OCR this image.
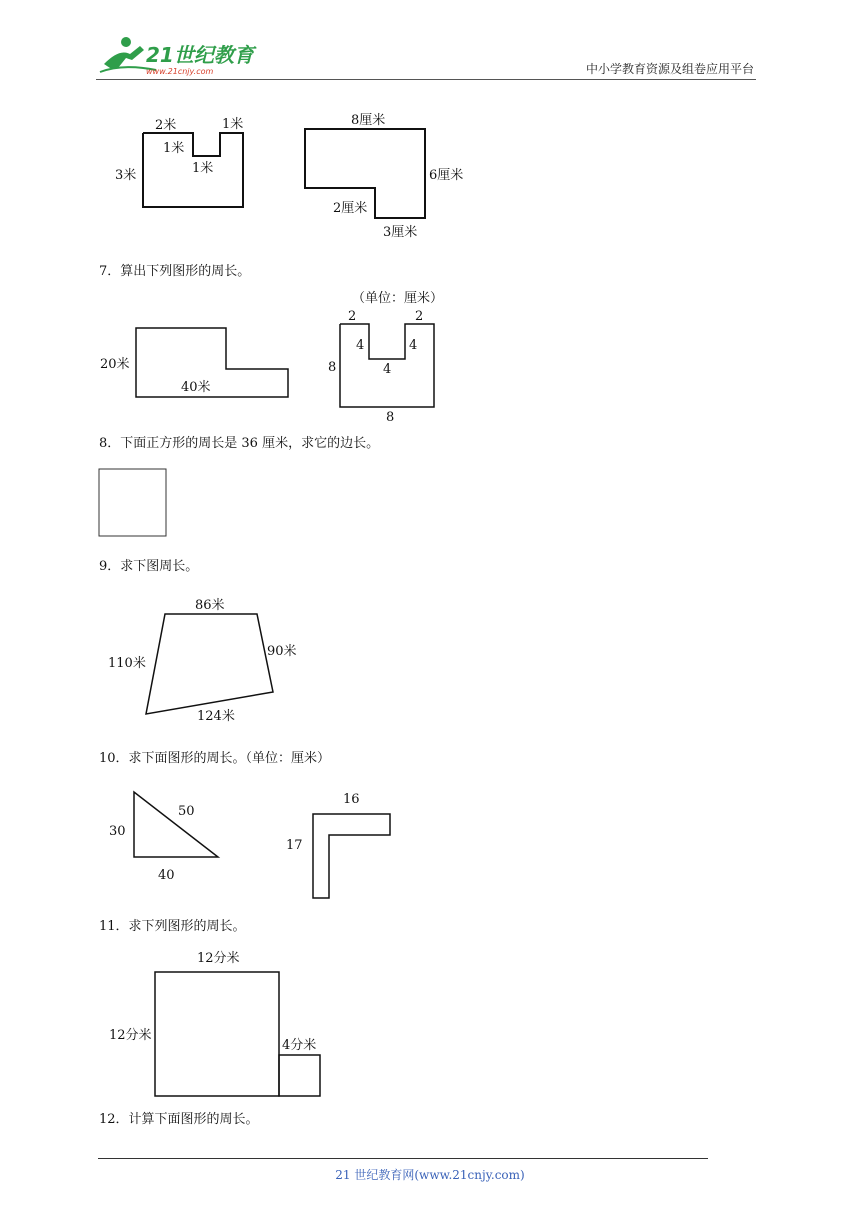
21世纪教育
www.21cnjy.com	中小学教育资源及组卷应用平台
2米	1米
1米
1米
3米
8厘米
6厘米
2厘米
3厘米
7．算出下列图形的周长。
20米
40米
（单位：厘米）
2	2
4	4
4
8
8
8．下面正方形的周长是 36 厘米，求它的边长。
9．求下图周长。
86米
110米
90米
124米
10．求下面图形的周长。（单位：厘米）
30
40
50
16
17
11．求下列图形的周长。
12分米
12分米
4分米
12．计算下面图形的周长。
21 世纪教育网(www.21cnjy.com)
